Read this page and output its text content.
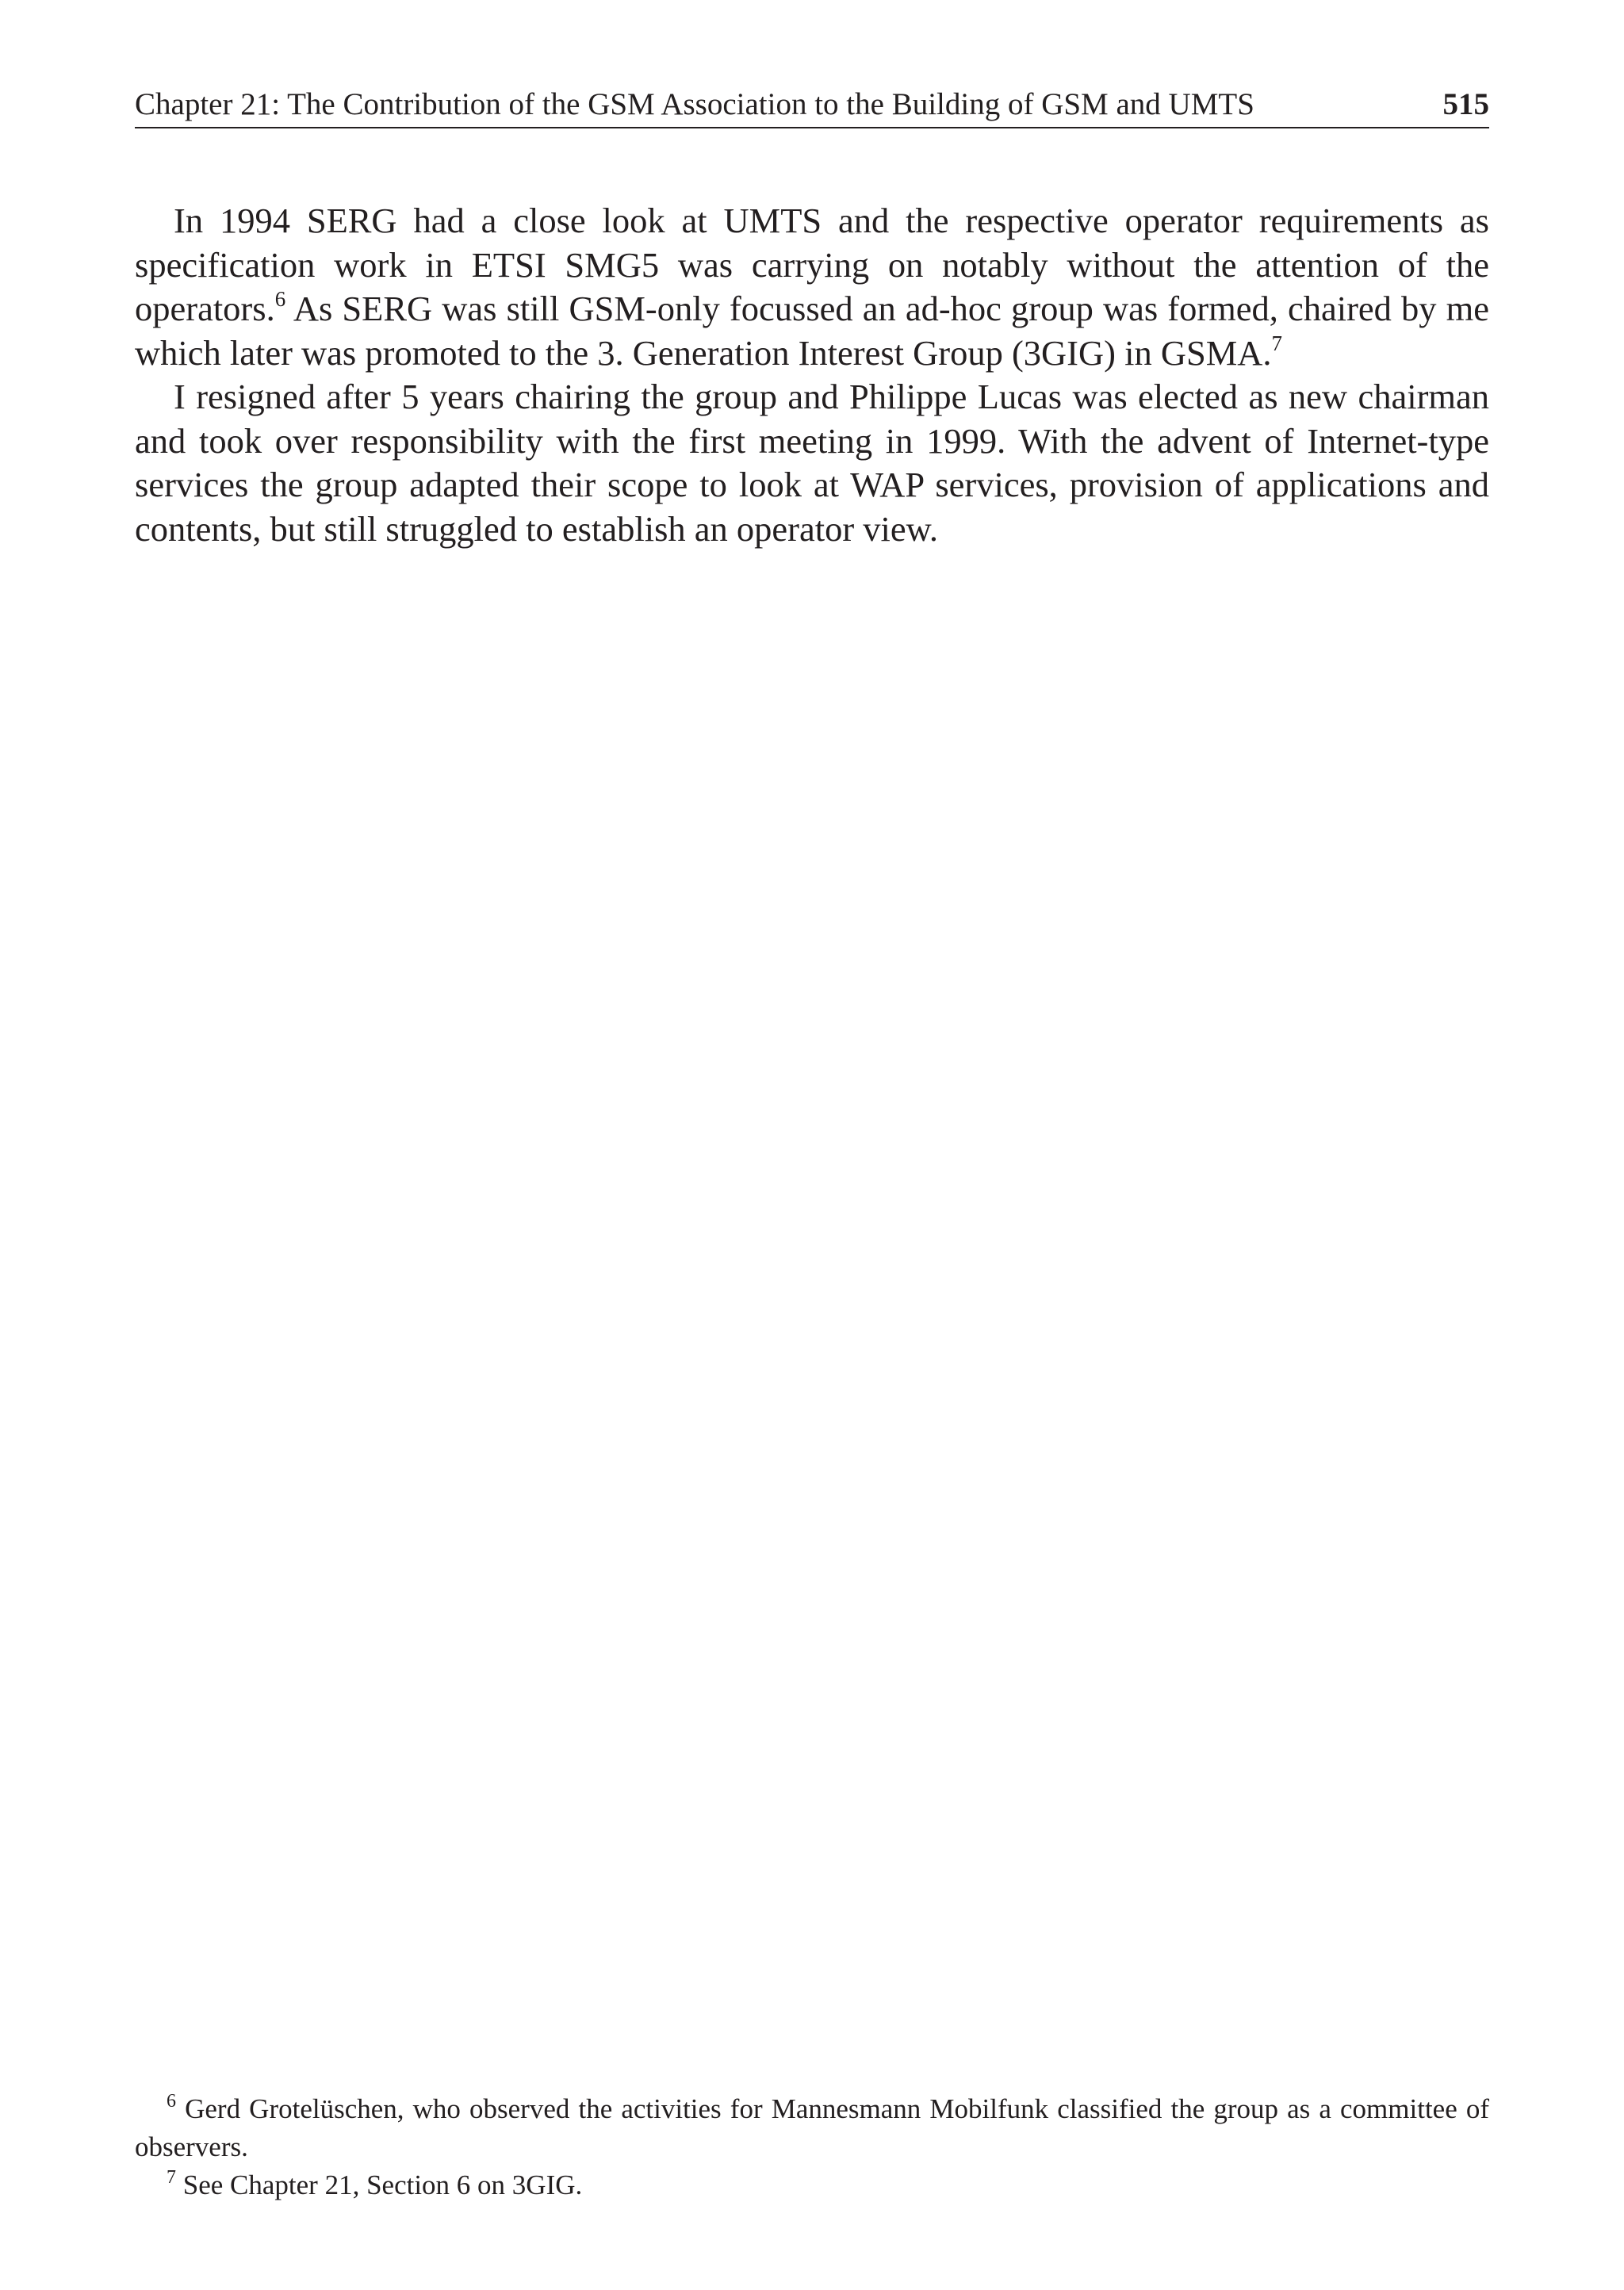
Chapter 21: The Contribution of the GSM Association to the Building of GSM and UMTS	515

In 1994 SERG had a close look at UMTS and the respective operator requirements as specification work in ETSI SMG5 was carrying on notably without the attention of the operators.$^6$ As SERG was still GSM-only focussed an ad-hoc group was formed, chaired by me which later was promoted to the 3. Generation Interest Group (3GIG) in GSMA.$^7$

I resigned after 5 years chairing the group and Philippe Lucas was elected as new chairman and took over responsibility with the first meeting in 1999. With the advent of Internet-type services the group adapted their scope to look at WAP services, provision of applications and contents, but still struggled to establish an operator view.

$^6$ Gerd Grotelüschen, who observed the activities for Mannesmann Mobilfunk classified the group as a committee of observers.

$^7$ See Chapter 21, Section 6 on 3GIG.
